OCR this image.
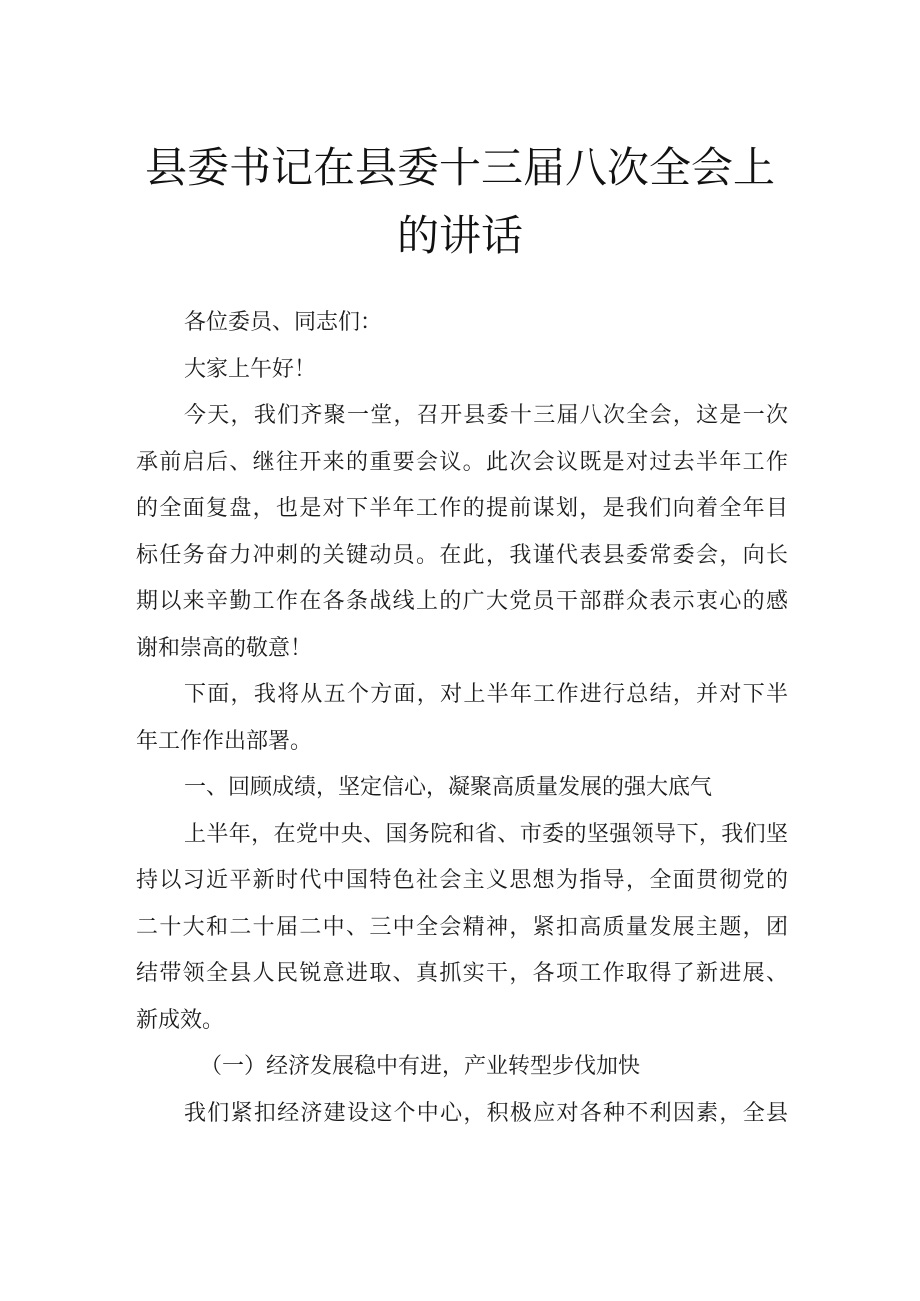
县委书记在县委十三届八次全会上
的讲话
各位委员、同志们：
大家上午好！
今天，我们齐聚一堂，召开县委十三届八次全会，这是一次
承前启后、继往开来的重要会议。此次会议既是对过去半年工作
的全面复盘，也是对下半年工作的提前谋划，是我们向着全年目
标任务奋力冲刺的关键动员。在此，我谨代表县委常委会，向长
期以来辛勤工作在各条战线上的广大党员干部群众表示衷心的感
谢和崇高的敬意！
下面，我将从五个方面，对上半年工作进行总结，并对下半
年工作作出部署。
一、回顾成绩，坚定信心，凝聚高质量发展的强大底气
上半年，在党中央、国务院和省、市委的坚强领导下，我们坚
持以习近平新时代中国特色社会主义思想为指导，全面贯彻党的
二十大和二十届二中、三中全会精神，紧扣高质量发展主题，团
结带领全县人民锐意进取、真抓实干，各项工作取得了新进展、
新成效。
（一）经济发展稳中有进，产业转型步伐加快
我们紧扣经济建设这个中心，积极应对各种不利因素，全县
